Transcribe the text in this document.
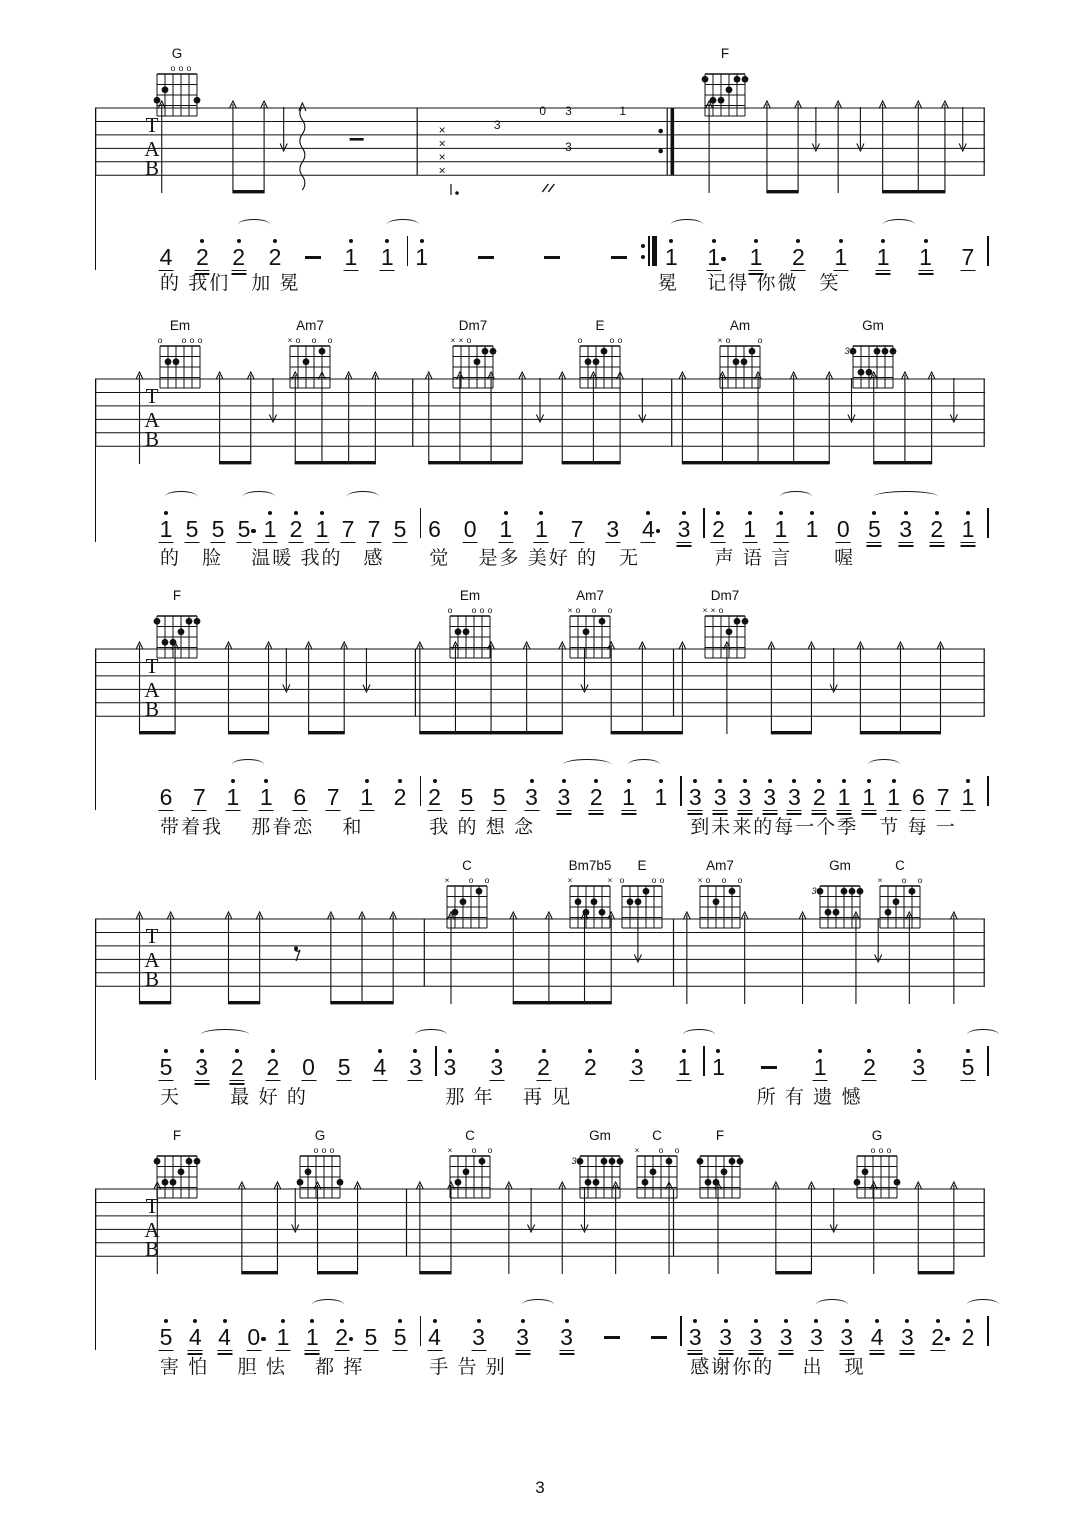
G
o o o
F
T
A
B
×
×
×
×
3
0 3
3
1
4 2 2 2	1 1 1	1 1 1 2 1 1 1 7
的 我们　加 冕	冕　 记得 你微　笑
Em
o o o o
Am7
× o o o
Dm7
× × o
E
o	o o
Am
× o	o
Gm
3
T
A
B
1 5 5 5 1 2 1 7 7 5 6 0 1 1 7 3 4 3 2 1 1 1 0 5 3 2 1
的　脸　 温暖 我的　感	觉　 是多 美好 的　无	声 语 言　　喔
F	Em
o o o o
Am7
× o o o
Dm7
× × o
T
A
B
6 7 1 1 6 7 1 2 2 5 5 3 3 2 1 1 3 3 3 3 3 2 1 1 1 6 7 1
带着我　 那眷恋　 和	我 的 想 念	到未来的每一个季　节 每 一
C
× o o
Bm7b5
×	×
E
o	o o
Am7
× o o o
Gm
3
C
× o o
T
A
B
5 3 2 2 0 5 4 3 3 3 2 2 3 1 1	1 2 3 5
天　　 最 好 的	那 年　 再 见	　　所 有 遗 憾
F	G
o o o
C
× o o
Gm
3
C
× o o
F	G
o o o
T
A
B
5 4 4 0 1 1 2 5 5 4 3 3 3	3 3 3 3 3 3 4 3 2 2
害 怕　 胆 怯　 都 挥	手 告 别	感谢你的　 出　现
3
